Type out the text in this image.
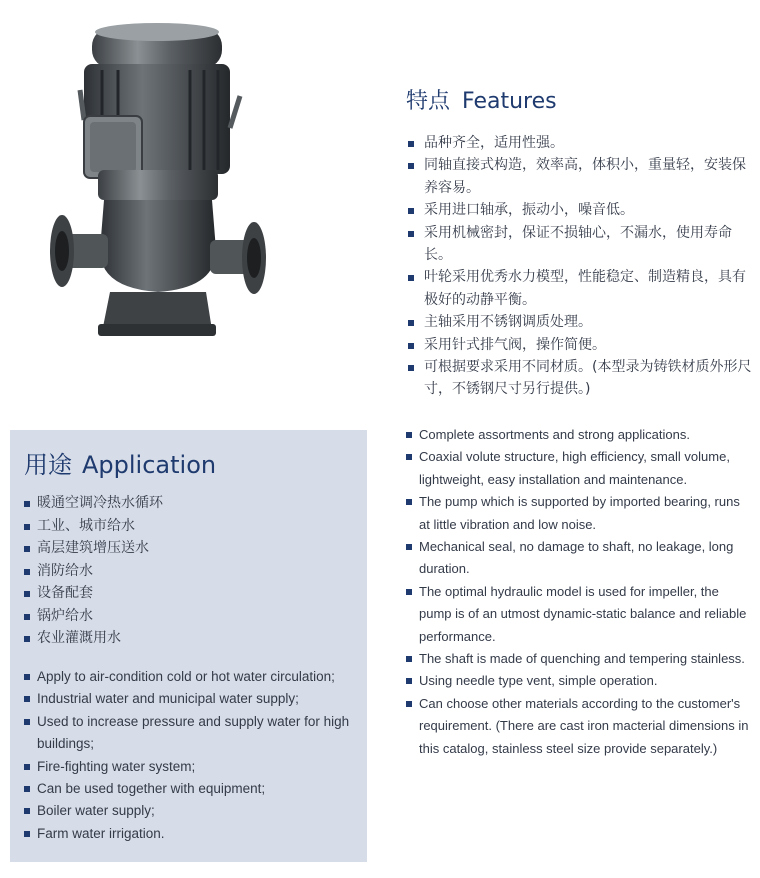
特点 Features
品种齐全，适用性强。
同轴直接式构造，效率高，体积小，重量轻，安装保养容易。
采用进口轴承，振动小，噪音低。
采用机械密封，保证不损轴心，不漏水，使用寿命长。
叶轮采用优秀水力模型，性能稳定、制造精良，具有极好的动静平衡。
主轴采用不锈钢调质处理。
采用针式排气阀，操作简便。
可根据要求采用不同材质。(本型录为铸铁材质外形尺寸，不锈钢尺寸另行提供。)
Complete assortments and strong applications.
Coaxial volute structure, high efficiency, small volume, lightweight, easy installation and maintenance.
The pump which is supported by imported bearing, runs at little vibration and low noise.
Mechanical seal, no damage to shaft, no leakage, long duration.
The optimal hydraulic model is used for impeller, the pump is of an utmost dynamic-static balance and reliable performance.
The shaft is made of quenching and tempering stainless.
Using needle type vent, simple operation.
Can choose other materials according to the customer's requirement. (There are cast iron macterial dimensions in this catalog, stainless steel size provide separately.)
用途 Application
暖通空调冷热水循环
工业、城市给水
高层建筑增压送水
消防给水
设备配套
锅炉给水
农业灌溉用水
Apply to air-condition cold or hot water circulation;
Industrial water and municipal water supply;
Used to increase pressure and supply water for high buildings;
Fire-fighting water system;
Can be used together with equipment;
Boiler water supply;
Farm water irrigation.
